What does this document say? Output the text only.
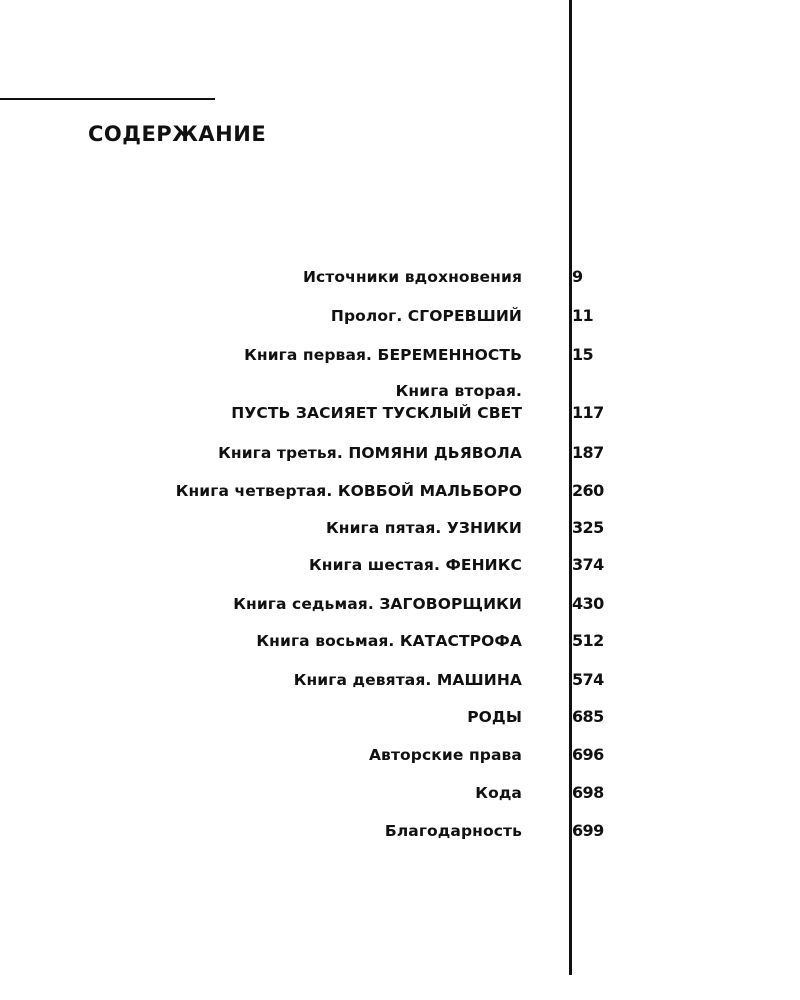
СОДЕРЖАНИЕ
Источники вдохновения	9
Пролог. СГОРЕВШИЙ	11
Книга первая. БЕРЕМЕННОСТЬ	15
Книга вторая.
ПУСТЬ ЗАСИЯЕТ ТУСКЛЫЙ СВЕТ	117
Книга третья. ПОМЯНИ ДЬЯВОЛА	187
Книга четвертая. КОВБОЙ МАЛЬБОРО	260
Книга пятая. УЗНИКИ	325
Книга шестая. ФЕНИКС	374
Книга седьмая. ЗАГОВОРЩИКИ	430
Книга восьмая. КАТАСТРОФА	512
Книга девятая. МАШИНА	574
РОДЫ	685
Авторские права	696
Кода	698
Благодарность	699
